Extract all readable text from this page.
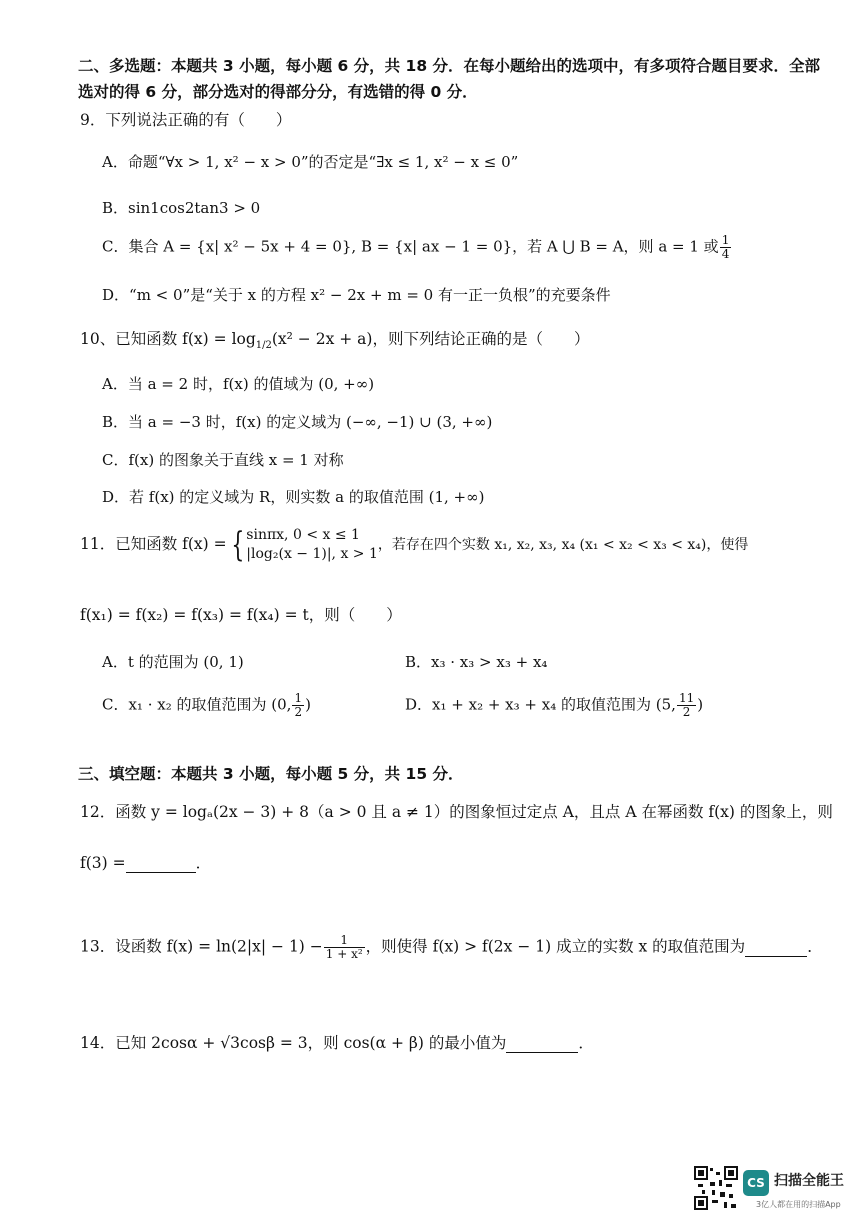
二、多选题：本题共 3 小题，每小题 6 分，共 18 分．在每小题给出的选项中，有多项符合题目要求．全部
选对的得 6 分，部分选对的得部分分，有选错的得 0 分．
9．下列说法正确的有（　　）
A．命题“∀x > 1, x² − x > 0”的否定是“∃x ≤ 1, x² − x ≤ 0”
B．sin1cos2tan3 > 0
C．集合 A = {x| x² − 5x + 4 = 0}, B = {x| ax − 1 = 0}，若 A ⋃ B = A，则 a = 1 或 $\frac{1}{4}$
D．“m < 0”是“关于 x 的方程 x² − 2x + m = 0 有一正一负根”的充要条件
10、已知函数 $f(x) = \log_{1/2}(x^2 - 2x + a)$，则下列结论正确的是（　　）
A．当 a = 2 时，f(x) 的值域为 (0, +∞)
B．当 a = −3 时，f(x) 的定义域为 (−∞, −1) ∪ (3, +∞)
C．f(x) 的图象关于直线 x = 1 对称
D．若 f(x) 的定义域为 R，则实数 a 的取值范围 (1, +∞)
11．已知函数 f(x) = { sinπx, 0 < x ≤ 1
|log₂(x − 1)|, x > 1
，若存在四个实数 x₁, x₂, x₃, x₄ (x₁ < x₂ < x₃ < x₄)，使得
f(x₁) = f(x₂) = f(x₃) = f(x₄) = t，则（　　）
A．t 的范围为 (0, 1)	B．x₃ · x₃ > x₃ + x₄
C．x₁ · x₂ 的取值范围为 (0, $\frac{1}{2}$ )	D．x₁ + x₂ + x₃ + x₄ 的取值范围为 (5, $\frac{11}{2}$ )
三、填空题：本题共 3 小题，每小题 5 分，共 15 分．
12．函数 y = logₐ(2x − 3) + 8（a > 0 且 a ≠ 1）的图象恒过定点 A，且点 A 在幂函数 f(x) 的图象上，则
f(3) =	．
13．设函数 $f(x) = \ln(2|x| - 1) - \frac{1}{\text{1 + x²}}$ ，则使得 f(x) > f(2x − 1) 成立的实数 x 的取值范围为	．
14．已知 2cosα + √3cosβ = 3，则 cos(α + β) 的最小值为	．
CS 扫描全能王
3亿人都在用的扫描App
